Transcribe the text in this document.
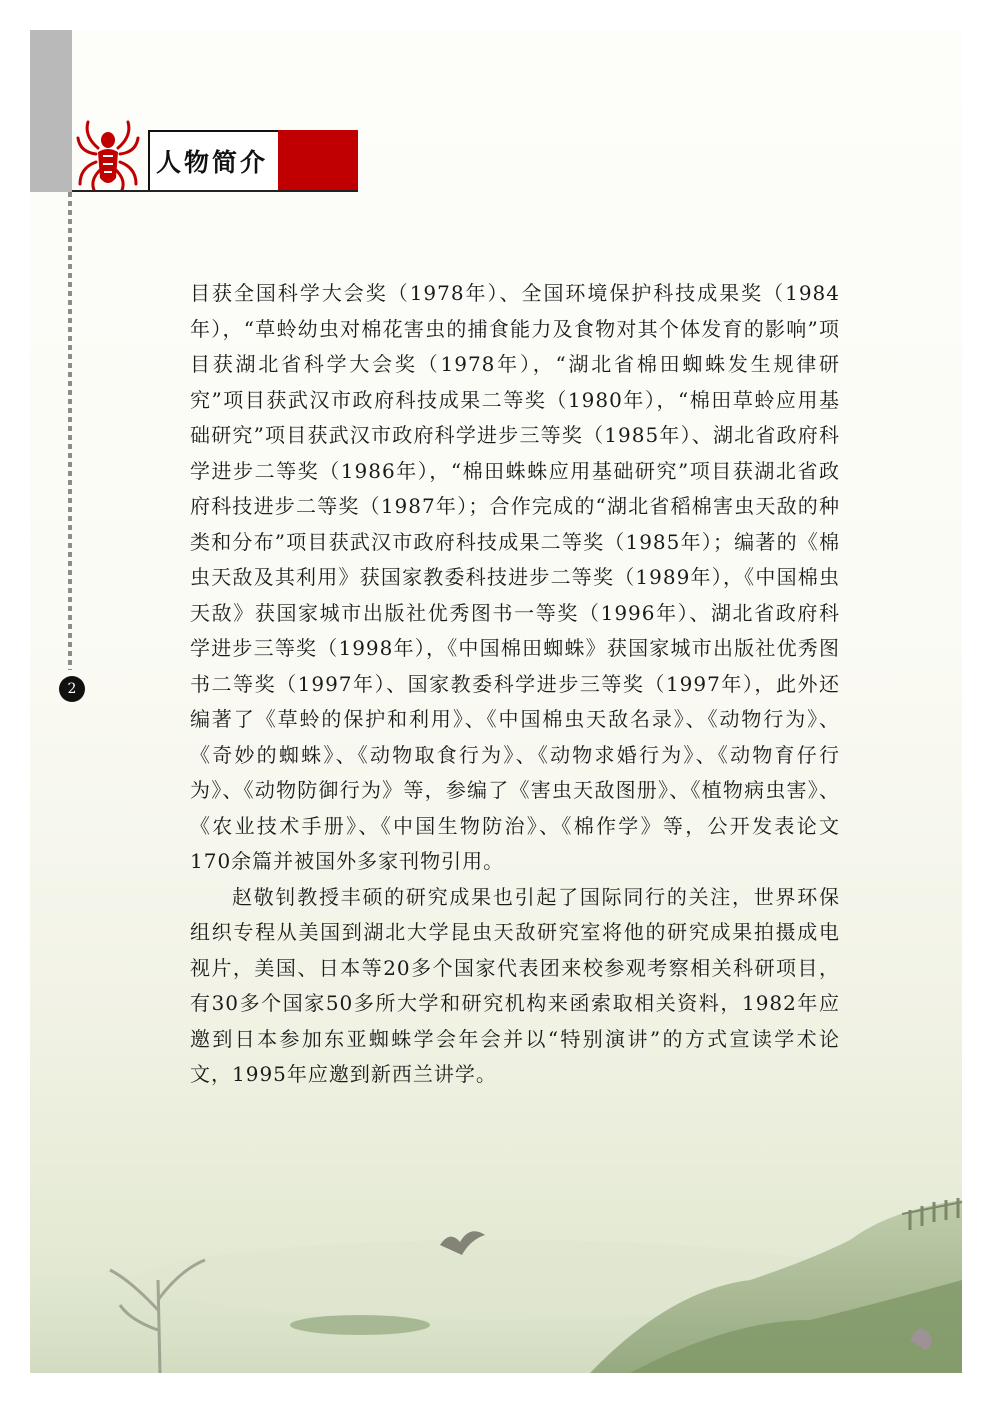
人物简介
2

目获全国科学大会奖（1978年）、全国环境保护科技成果奖（1984年），“草蛉幼虫对棉花害虫的捕食能力及食物对其个体发育的影响”项目获湖北省科学大会奖（1978年），“湖北省棉田蜘蛛发生规律研究”项目获武汉市政府科技成果二等奖（1980年），“棉田草蛉应用基础研究”项目获武汉市政府科学进步三等奖（1985年）、湖北省政府科学进步二等奖（1986年），“棉田蛛蛛应用基础研究”项目获湖北省政府科技进步二等奖（1987年）；合作完成的“湖北省稻棉害虫天敌的种类和分布”项目获武汉市政府科技成果二等奖（1985年）；编著的《棉虫天敌及其利用》获国家教委科技进步二等奖（1989年），《中国棉虫天敌》获国家城市出版社优秀图书一等奖（1996年）、湖北省政府科学进步三等奖（1998年），《中国棉田蜘蛛》获国家城市出版社优秀图书二等奖（1997年）、国家教委科学进步三等奖（1997年），此外还编著了《草蛉的保护和利用》、《中国棉虫天敌名录》、《动物行为》、《奇妙的蜘蛛》、《动物取食行为》、《动物求婚行为》、《动物育仔行为》、《动物防御行为》等，参编了《害虫天敌图册》、《植物病虫害》、《农业技术手册》、《中国生物防治》、《棉作学》等，公开发表论文170余篇并被国外多家刊物引用。

赵敬钊教授丰硕的研究成果也引起了国际同行的关注，世界环保组织专程从美国到湖北大学昆虫天敌研究室将他的研究成果拍摄成电视片，美国、日本等20多个国家代表团来校参观考察相关科研项目，有30多个国家50多所大学和研究机构来函索取相关资料，1982年应邀到日本参加东亚蜘蛛学会年会并以“特别演讲”的方式宣读学术论文，1995年应邀到新西兰讲学。
